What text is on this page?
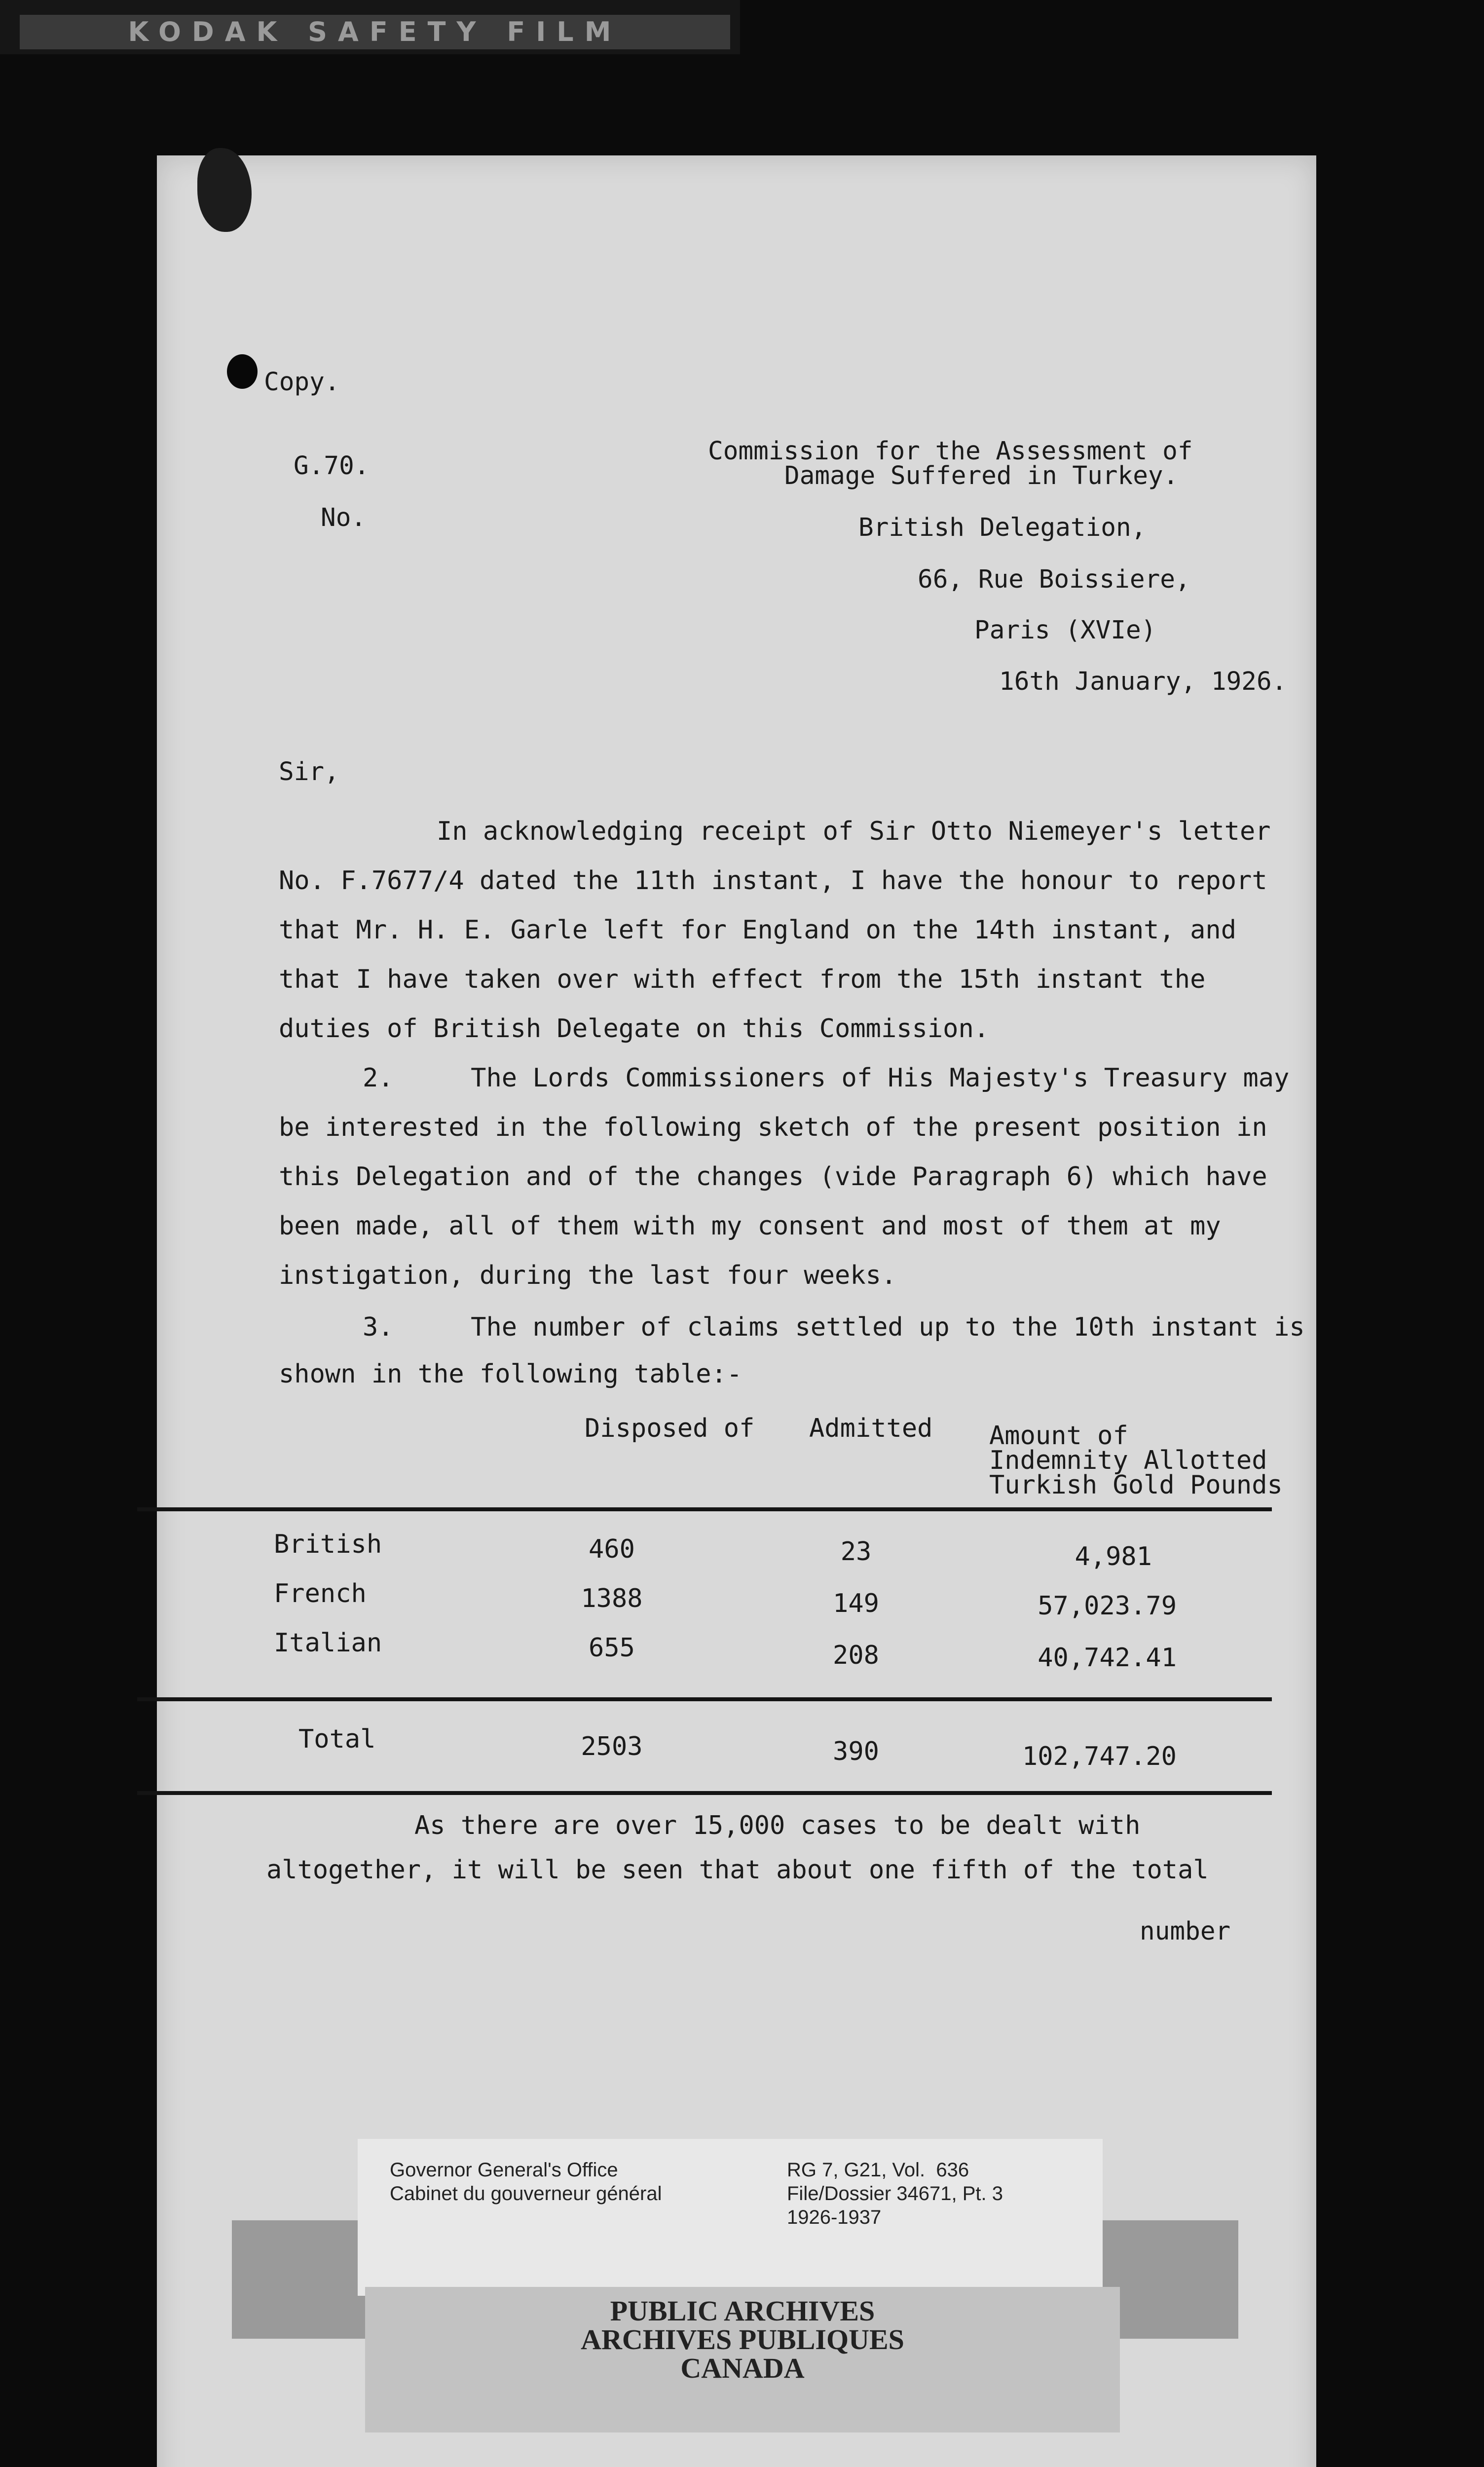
KODAK SAFETY FILM
Copy.
G.70.
No.
Commission for the Assessment of
Damage Suffered in Turkey.
British Delegation,
66, Rue Boissiere,
Paris (XVIe)
16th January, 1926.
Sir,
In acknowledging receipt of Sir Otto Niemeyer's letter
No. F.7677/4 dated the 11th instant, I have the honour to report
that Mr. H. E. Garle left for England on the 14th instant, and
that I have taken over with effect from the 15th instant the
duties of British Delegate on this Commission.
2.     The Lords Commissioners of His Majesty's Treasury may
be interested in the following sketch of the present position in
this Delegation and of the changes (vide Paragraph 6) which have
been made, all of them with my consent and most of them at my
instigation, during the last four weeks.
3.     The number of claims settled up to the 10th instant is
shown in the following table:-
Disposed of Admitted Amount of
Indemnity Allotted
Turkish Gold Pounds
British	460	23	4,981
French	1388	149	57,023.79
Italian	655	208	40,742.41
Total	2503	390	102,747.20
As there are over 15,000 cases to be dealt with
altogether, it will be seen that about one fifth of the total
number
Governor General's Office
Cabinet du gouverneur général
RG 7, G21, Vol.  636
File/Dossier 34671, Pt. 3
1926-1937
PUBLIC ARCHIVES
ARCHIVES PUBLIQUES
CANADA
